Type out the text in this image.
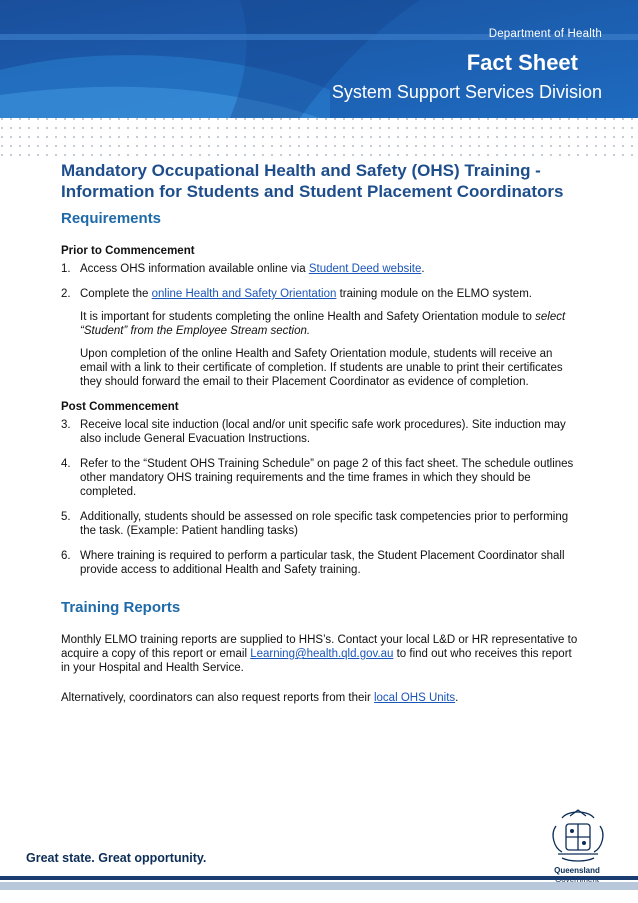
Department of Health
Fact Sheet
System Support Services Division
Mandatory Occupational Health and Safety (OHS) Training - Information for Students and Student Placement Coordinators
Requirements
Prior to Commencement
1. Access OHS information available online via Student Deed website.

2. Complete the online Health and Safety Orientation training module on the ELMO system.

It is important for students completing the online Health and Safety Orientation module to select “Student” from the Employee Stream section.

Upon completion of the online Health and Safety Orientation module, students will receive an email with a link to their certificate of completion. If students are unable to print their certificates they should forward the email to their Placement Coordinator as evidence of completion.

Post Commencement
3. Receive local site induction (local and/or unit specific safe work procedures). Site induction may also include General Evacuation Instructions.

4. Refer to the “Student OHS Training Schedule” on page 2 of this fact sheet. The schedule outlines other mandatory OHS training requirements and the time frames in which they should be completed.

5. Additionally, students should be assessed on role specific task competencies prior to performing the task. (Example: Patient handling tasks)

6. Where training is required to perform a particular task, the Student Placement Coordinator shall provide access to additional Health and Safety training.

Training Reports

Monthly ELMO training reports are supplied to HHS’s. Contact your local L&D or HR representative to acquire a copy of this report or email Learning@health.qld.gov.au to find out who receives this report in your Hospital and Health Service.

Alternatively, coordinators can also request reports from their local OHS Units.

Great state. Great opportunity.
Queensland
